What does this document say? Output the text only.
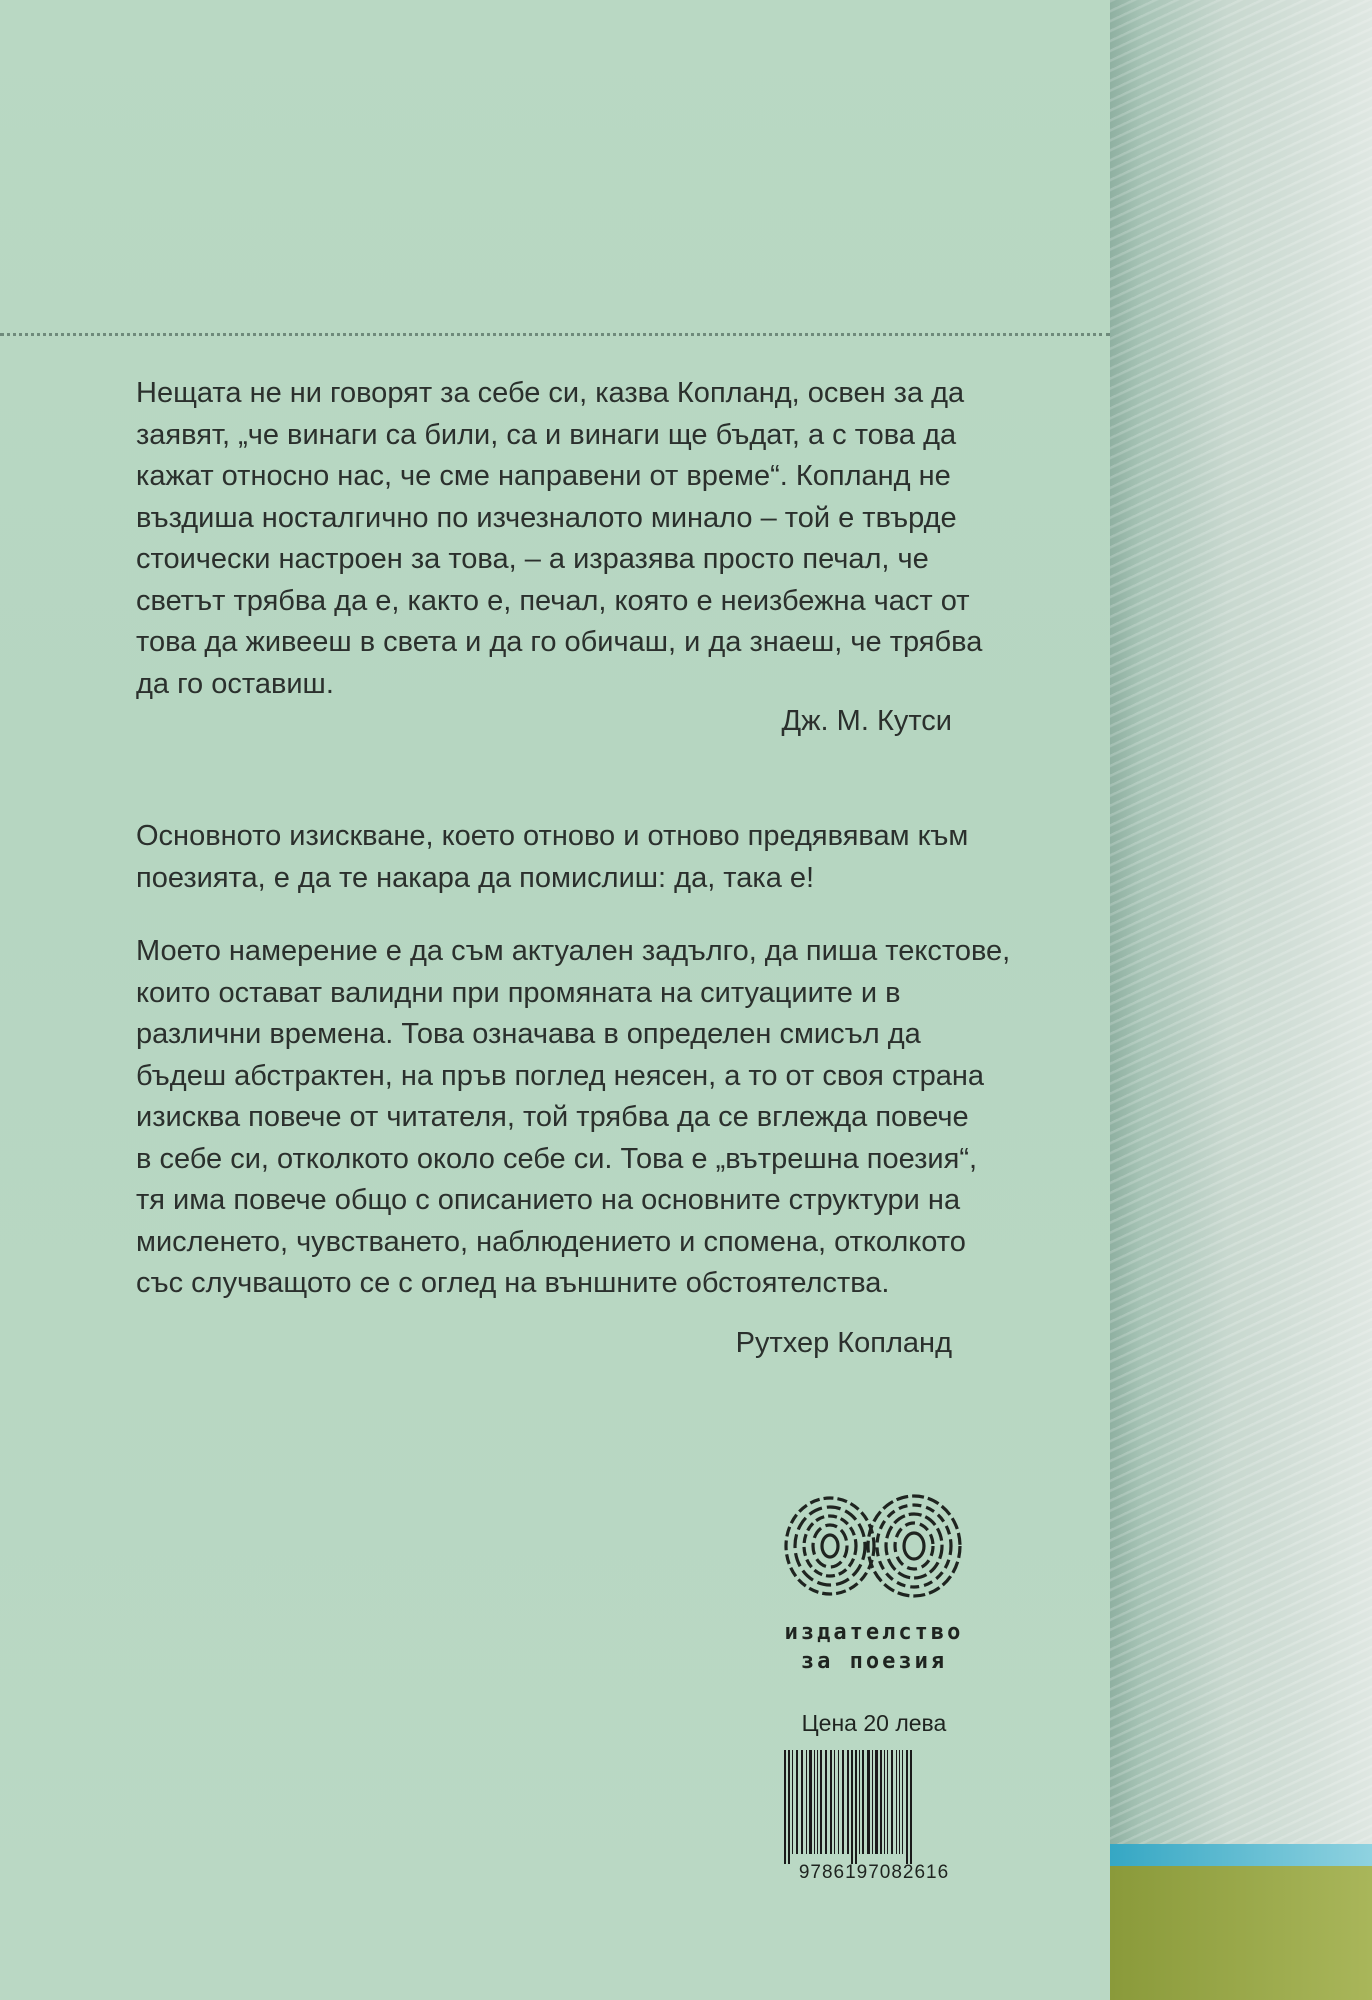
Нещата не ни говорят за себе си, казва Копланд, освен за да
заявят, „че винаги са били, са и винаги ще бъдат, а с това да
кажат относно нас, че сме направени от време“. Копланд не
въздиша носталгично по изчезналото минало – той е твърде
стоически настроен за това, – а изразява просто печал, че
светът трябва да е, както е, печал, която е неизбежна част от
това да живееш в света и да го обичаш, и да знаеш, че трябва
да го оставиш.
Дж. М. Кутси
Основното изискване, което отново и отново предявявам към
поезията, е да те накара да помислиш: да, така е!
Моето намерение е да съм актуален задълго, да пиша текстове,
които остават валидни при промяната на ситуациите и в
различни времена. Това означава в определен смисъл да
бъдеш абстрактен, на пръв поглед неясен, а то от своя страна
изисква повече от читателя, той трябва да се вглежда повече
в себе си, отколкото около себе си. Това е „вътрешна поезия“,
тя има повече общо с описанието на основните структури на
мисленето, чувстването, наблюдението и спомена, отколкото
със случващото се с оглед на външните обстоятелства.
Рутхер Копланд
издателство
за поезия
Цена 20 лева
9786197082616
